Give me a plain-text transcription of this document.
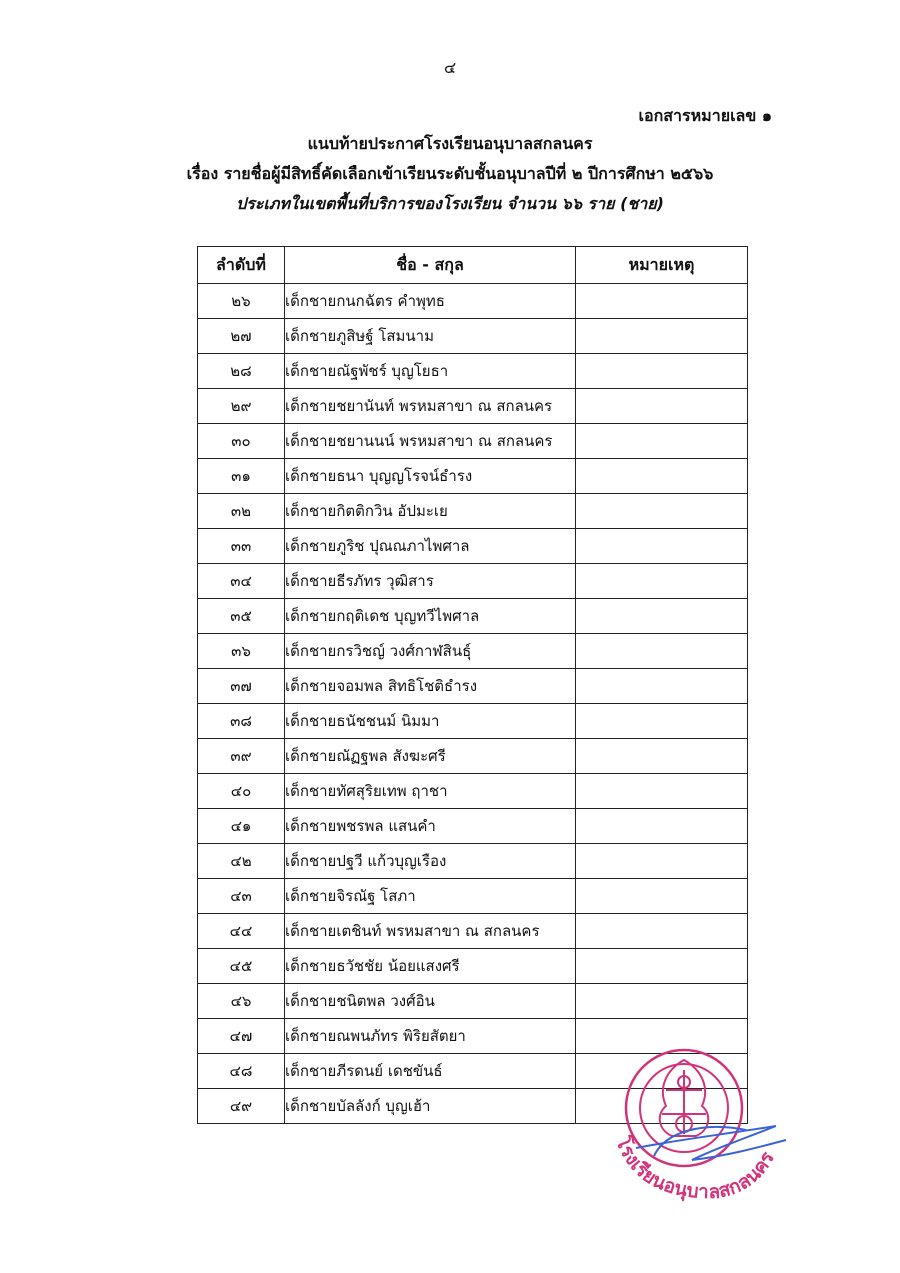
๔
เอกสารหมายเลข ๑
แนบท้ายประกาศโรงเรียนอนุบาลสกลนคร
เรื่อง รายชื่อผู้มีสิทธิ์คัดเลือกเข้าเรียนระดับชั้นอนุบาลปีที่ ๒ ปีการศึกษา ๒๕๖๖
ประเภทในเขตพื้นที่บริการของโรงเรียน จำนวน ๖๖ ราย (ชาย)
ลำดับที่	ชื่อ - สกุล	หมายเหตุ
๒๖	เด็กชายกนกฉัตร คำพุทธ	
๒๗	เด็กชายภูสิษฐ์ โสมนาม	
๒๘	เด็กชายณัฐพัชร์ บุญโยธา	
๒๙	เด็กชายชยานันท์ พรหมสาขา ณ สกลนคร	
๓๐	เด็กชายชยานนน์ พรหมสาขา ณ สกลนคร	
๓๑	เด็กชายธนา บุญญโรจน์ธำรง	
๓๒	เด็กชายกิตติกวิน อัปมะเย	
๓๓	เด็กชายภูริช ปุณณภาไพศาล	
๓๔	เด็กชายธีรภัทร วุฒิสาร	
๓๕	เด็กชายกฤติเดช บุญทวีไพศาล	
๓๖	เด็กชายกรวิชญ์ วงศ์กาฬสินธุ์	
๓๗	เด็กชายจอมพล สิทธิโชติธำรง	
๓๘	เด็กชายธนัชชนม์ นิมมา	
๓๙	เด็กชายณัฏฐพล สังฆะศรี	
๔๐	เด็กชายทัศสุริยเทพ ฤาชา	
๔๑	เด็กชายพชรพล แสนคำ	
๔๒	เด็กชายปฐวี แก้วบุญเรือง	
๔๓	เด็กชายจิรณัฐ โสภา	
๔๔	เด็กชายเตชินท์ พรหมสาขา ณ สกลนคร	
๔๕	เด็กชายธวัชชัย น้อยแสงศรี	
๔๖	เด็กชายชนิตพล วงศ์อิน	
๔๗	เด็กชายณพนภัทร พิริยสัตยา	
๔๘	เด็กชายภีรดนย์ เดชขันธ์	
๔๙	เด็กชายบัลลังก์ บุญเฮ้า	
โรงเรียนอนุบาลสกลนคร
